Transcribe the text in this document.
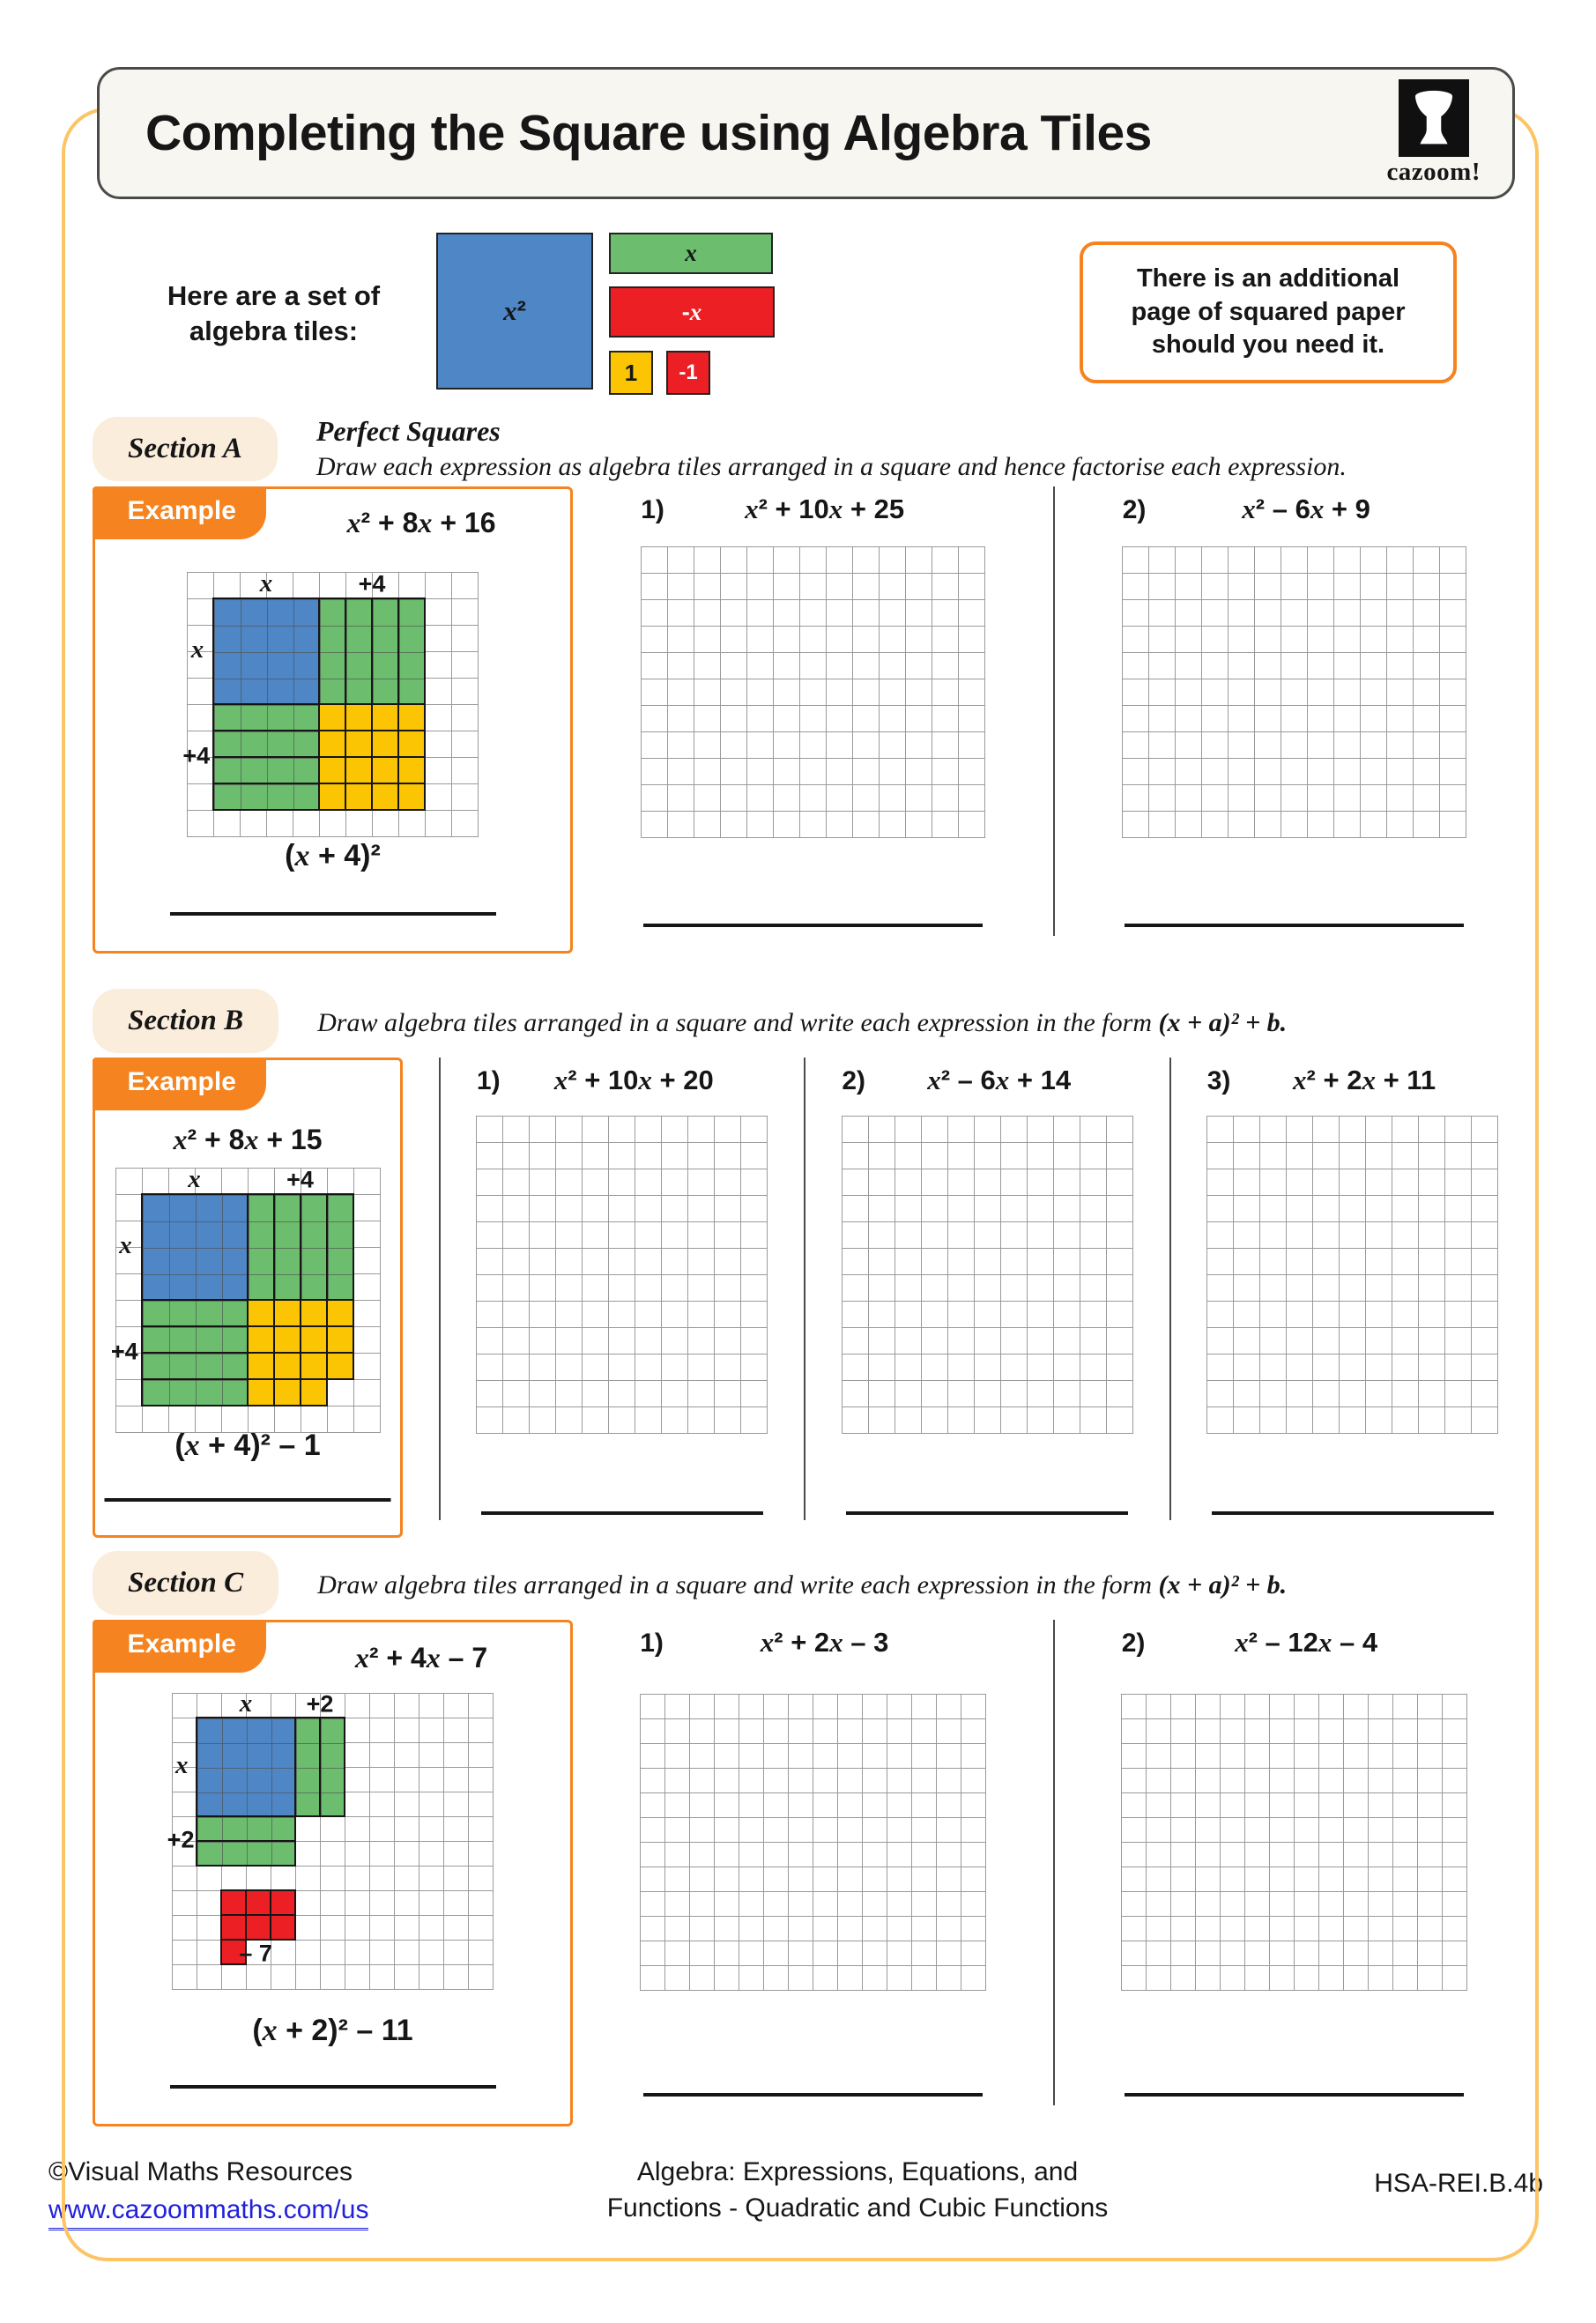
Completing the Square using Algebra Tiles
cazoom!
Here are a set of
algebra tiles:
x²
x
-x
1 -1
There is an additional
page of squared paper
should you need it.
Section A
Perfect Squares
Draw each expression as algebra tiles arranged in a square and hence factorise each expression.
Example	x² + 8x + 16
x	+4
x
+4
(x + 4)²
1)	x² + 10x + 25	2)	x² – 6x + 9
Section B	Draw algebra tiles arranged in a square and write each expression in the form (x + a)² + b.
Example
x² + 8x + 15
x	+4
x
+4
(x + 4)² – 1
1)	x² + 10x + 20	2)	x² – 6x + 14	3)	x² + 2x + 11
Section C	Draw algebra tiles arranged in a square and write each expression in the form (x + a)² + b.
Example	x² + 4x – 7
x +2
x
+2
– 7
(x + 2)² – 11
1)	x² + 2x – 3	2)	x² – 12x – 4
©Visual Maths Resources
www.cazoommaths.com/us
Algebra: Expressions, Equations, and
Functions - Quadratic and Cubic Functions
HSA-REI.B.4b
